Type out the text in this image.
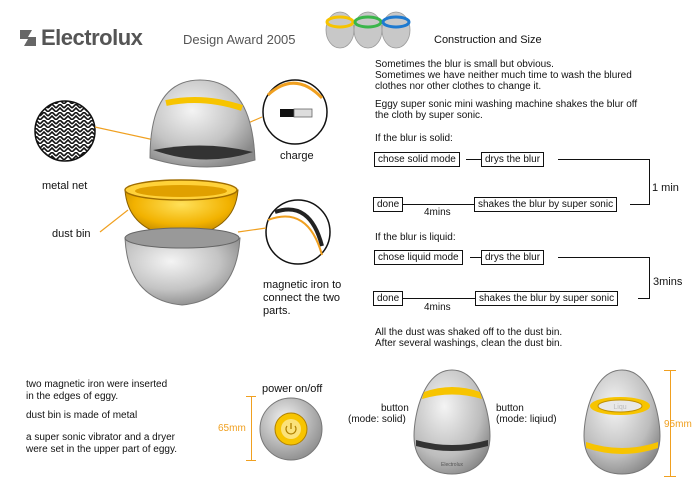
Electrolux	Design Award 2005	Construction and Size
Sometimes the blur is small but obvious.
Sometimes we have neither much time to wash the blured
clothes nor other clothes to change it.
Eggy super sonic mini washing machine shakes the blur off
the cloth by super sonic.
metal net
dust bin
charge
magnetic iron to
connect the two
parts.
If the blur is solid:
chose solid mode	drys the blur
1 min
shakes the blur by super sonic
done
4mins
If the blur is liquid:
chose liquid mode	drys the blur
3mins
shakes the blur by super sonic
done
4mins
All the dust was shaked off to the dust bin.
After several washings, clean the dust bin.
two magnetic iron were inserted
in the edges of eggy.
dust bin is made of metal
a super sonic vibrator and a dryer
were set in the upper part of eggy.
power on/off
65mm
button
(mode: solid)
button
(mode: liqiud)
Electrolux
Liqu
95mm
